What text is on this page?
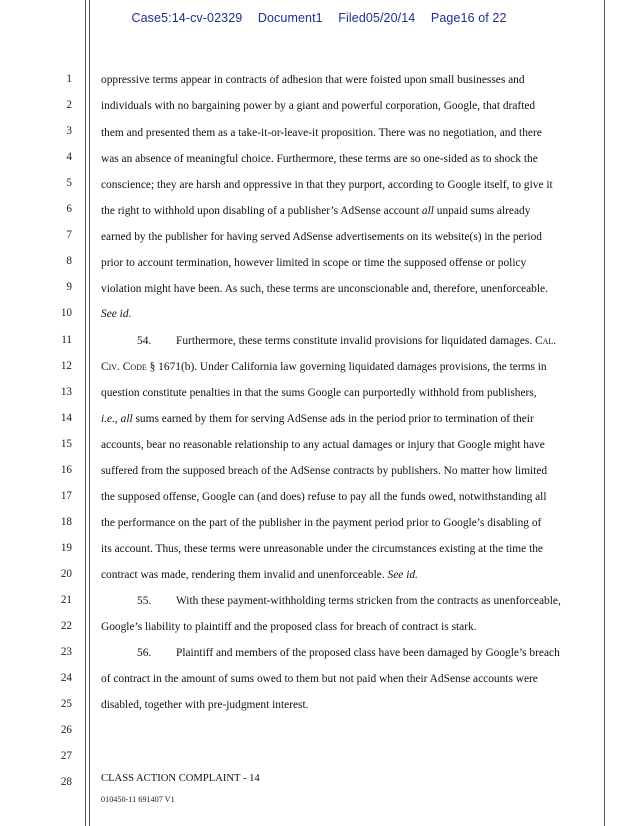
Case5:14-cv-02329 Document1 Filed05/20/14 Page16 of 22
1
2
3
4
5
6
7
8
9
10
11
12
13
14
15
16
17
18
19
20
21
22
23
24
25
26
27
28
oppressive terms appear in contracts of adhesion that were foisted upon small businesses and
individuals with no bargaining power by a giant and powerful corporation, Google, that drafted
them and presented them as a take-it-or-leave-it proposition. There was no negotiation, and there
was an absence of meaningful choice. Furthermore, these terms are so one-sided as to shock the
conscience; they are harsh and oppressive in that they purport, according to Google itself, to give it
the right to withhold upon disabling of a publisher’s AdSense account all unpaid sums already
earned by the publisher for having served AdSense advertisements on its website(s) in the period
prior to account termination, however limited in scope or time the supposed offense or policy
violation might have been. As such, these terms are unconscionable and, therefore, unenforceable.
See id.
54. Furthermore, these terms constitute invalid provisions for liquidated damages. Cal.
Civ. Code § 1671(b). Under California law governing liquidated damages provisions, the terms in
question constitute penalties in that the sums Google can purportedly withhold from publishers,
i.e., all sums earned by them for serving AdSense ads in the period prior to termination of their
accounts, bear no reasonable relationship to any actual damages or injury that Google might have
suffered from the supposed breach of the AdSense contracts by publishers. No matter how limited
the supposed offense, Google can (and does) refuse to pay all the funds owed, notwithstanding all
the performance on the part of the publisher in the payment period prior to Google’s disabling of
its account. Thus, these terms were unreasonable under the circumstances existing at the time the
contract was made, rendering them invalid and unenforceable. See id.
55. With these payment-withholding terms stricken from the contracts as unenforceable,
Google’s liability to plaintiff and the proposed class for breach of contract is stark.
56. Plaintiff and members of the proposed class have been damaged by Google’s breach
of contract in the amount of sums owed to them but not paid when their AdSense accounts were
disabled, together with pre-judgment interest.
CLASS ACTION COMPLAINT - 14
010450-11 691407 V1
